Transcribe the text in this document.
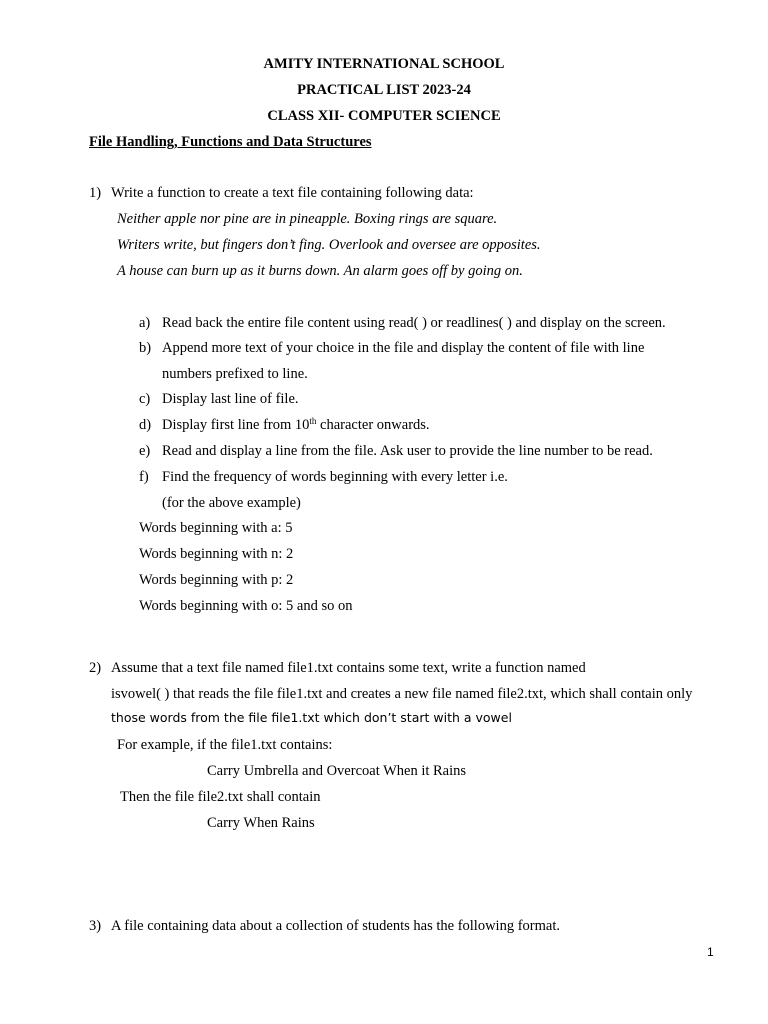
AMITY INTERNATIONAL SCHOOL
PRACTICAL LIST 2023-24
CLASS XII- COMPUTER SCIENCE
File Handling, Functions and Data Structures
1) Write a function to create a text file containing following data:
Neither apple nor pine are in pineapple. Boxing rings are square.
Writers write, but fingers don’t fing. Overlook and oversee are opposites.
A house can burn up as it burns down. An alarm goes off by going on.
a) Read back the entire file content using read( ) or readlines( ) and display on the screen.
b) Append more text of your choice in the file and display the content of file with line
numbers prefixed to line.
c) Display last line of file.
d) Display first line from 10th character onwards.
e) Read and display a line from the file. Ask user to provide the line number to be read.
f) Find the frequency of words beginning with every letter i.e.
(for the above example)
Words beginning with a: 5
Words beginning with n: 2
Words beginning with p: 2
Words beginning with o: 5 and so on
2) Assume that a text file named file1.txt contains some text, write a function named
isvowel( ) that reads the file file1.txt and creates a new file named file2.txt, which shall contain only
those words from the file file1.txt which don’t start with a vowel
For example, if the file1.txt contains:
Carry Umbrella and Overcoat When it Rains
Then the file file2.txt shall contain
Carry When Rains
3) A file containing data about a collection of students has the following format.
1
